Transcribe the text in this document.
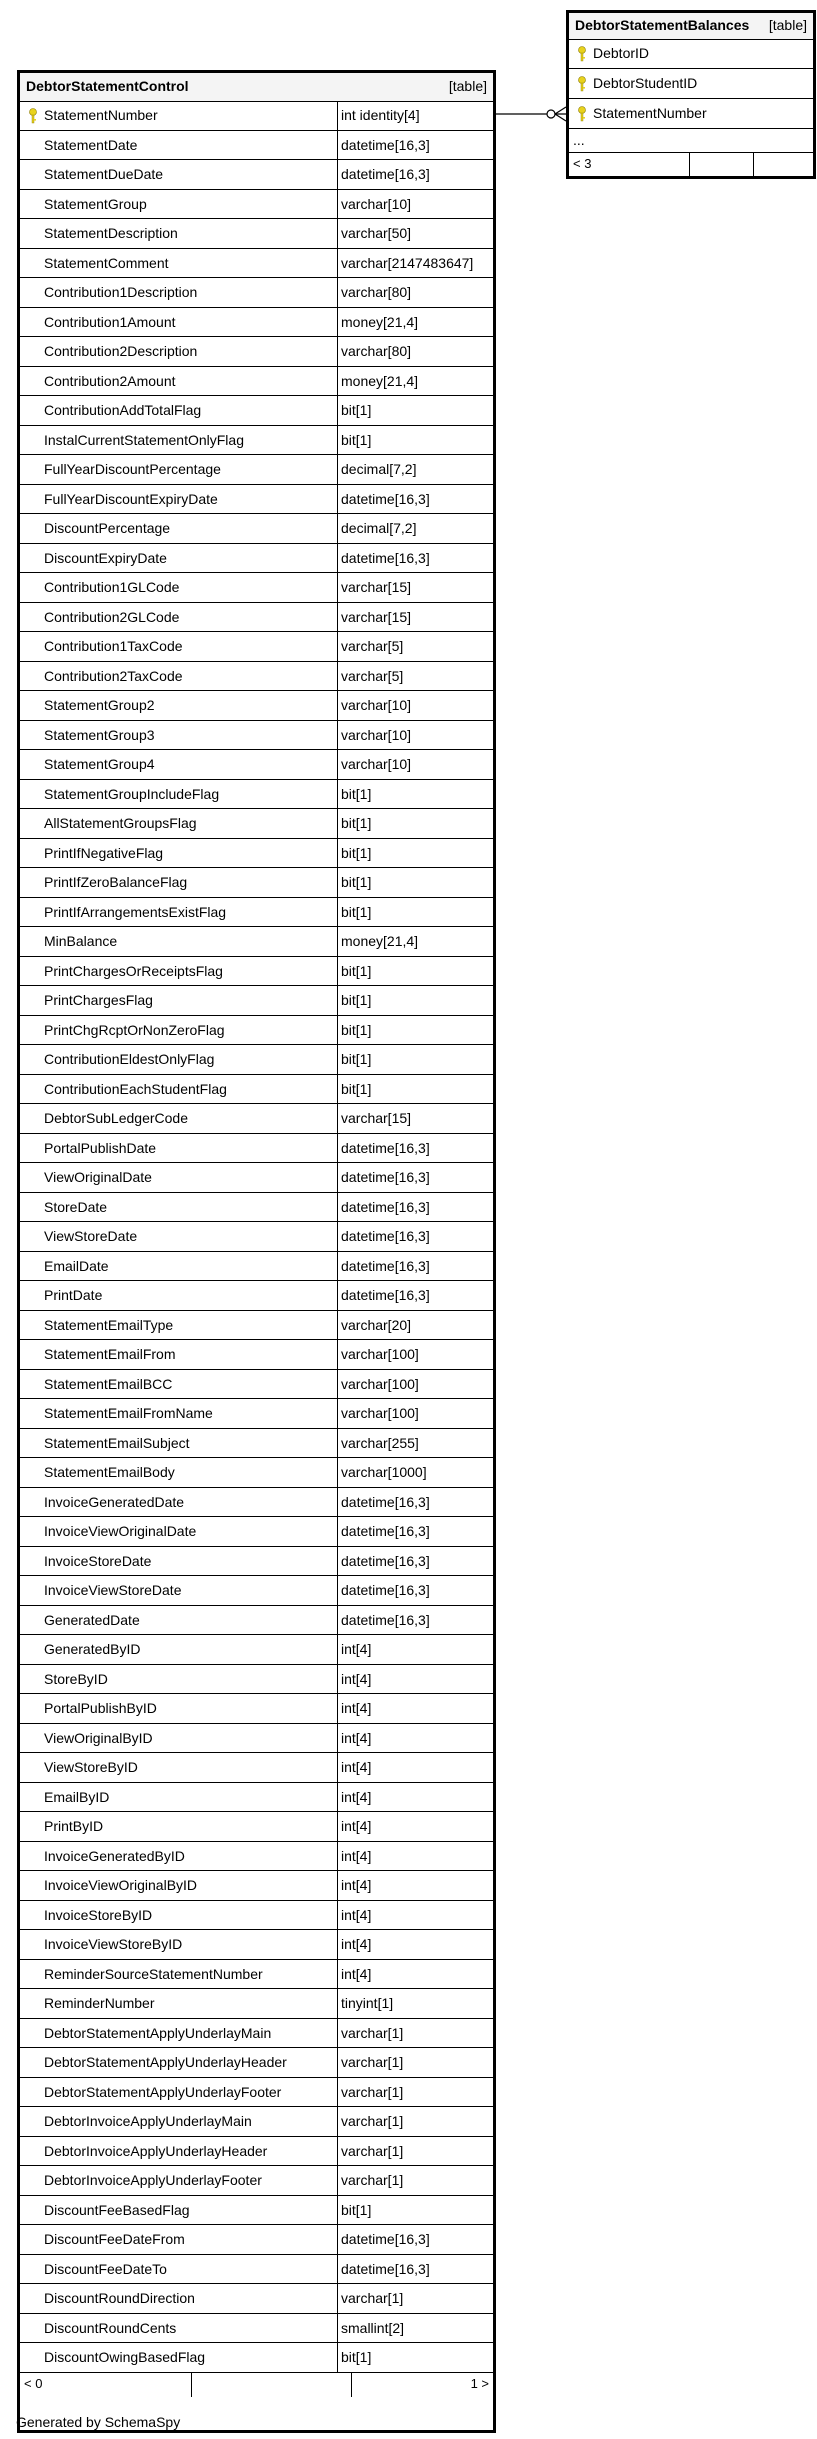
DebtorStatementControl	[table]
StatementNumber	int identity[4]
StatementDate	datetime[16,3]
StatementDueDate	datetime[16,3]
StatementGroup	varchar[10]
StatementDescription	varchar[50]
StatementComment	varchar[2147483647]
Contribution1Description	varchar[80]
Contribution1Amount	money[21,4]
Contribution2Description	varchar[80]
Contribution2Amount	money[21,4]
ContributionAddTotalFlag	bit[1]
InstalCurrentStatementOnlyFlag	bit[1]
FullYearDiscountPercentage	decimal[7,2]
FullYearDiscountExpiryDate	datetime[16,3]
DiscountPercentage	decimal[7,2]
DiscountExpiryDate	datetime[16,3]
Contribution1GLCode	varchar[15]
Contribution2GLCode	varchar[15]
Contribution1TaxCode	varchar[5]
Contribution2TaxCode	varchar[5]
StatementGroup2	varchar[10]
StatementGroup3	varchar[10]
StatementGroup4	varchar[10]
StatementGroupIncludeFlag	bit[1]
AllStatementGroupsFlag	bit[1]
PrintIfNegativeFlag	bit[1]
PrintIfZeroBalanceFlag	bit[1]
PrintIfArrangementsExistFlag	bit[1]
MinBalance	money[21,4]
PrintChargesOrReceiptsFlag	bit[1]
PrintChargesFlag	bit[1]
PrintChgRcptOrNonZeroFlag	bit[1]
ContributionEldestOnlyFlag	bit[1]
ContributionEachStudentFlag	bit[1]
DebtorSubLedgerCode	varchar[15]
PortalPublishDate	datetime[16,3]
ViewOriginalDate	datetime[16,3]
StoreDate	datetime[16,3]
ViewStoreDate	datetime[16,3]
EmailDate	datetime[16,3]
PrintDate	datetime[16,3]
StatementEmailType	varchar[20]
StatementEmailFrom	varchar[100]
StatementEmailBCC	varchar[100]
StatementEmailFromName	varchar[100]
StatementEmailSubject	varchar[255]
StatementEmailBody	varchar[1000]
InvoiceGeneratedDate	datetime[16,3]
InvoiceViewOriginalDate	datetime[16,3]
InvoiceStoreDate	datetime[16,3]
InvoiceViewStoreDate	datetime[16,3]
GeneratedDate	datetime[16,3]
GeneratedByID	int[4]
StoreByID	int[4]
PortalPublishByID	int[4]
ViewOriginalByID	int[4]
ViewStoreByID	int[4]
EmailByID	int[4]
PrintByID	int[4]
InvoiceGeneratedByID	int[4]
InvoiceViewOriginalByID	int[4]
InvoiceStoreByID	int[4]
InvoiceViewStoreByID	int[4]
ReminderSourceStatementNumber	int[4]
ReminderNumber	tinyint[1]
DebtorStatementApplyUnderlayMain	varchar[1]
DebtorStatementApplyUnderlayHeader	varchar[1]
DebtorStatementApplyUnderlayFooter	varchar[1]
DebtorInvoiceApplyUnderlayMain	varchar[1]
DebtorInvoiceApplyUnderlayHeader	varchar[1]
DebtorInvoiceApplyUnderlayFooter	varchar[1]
DiscountFeeBasedFlag	bit[1]
DiscountFeeDateFrom	datetime[16,3]
DiscountFeeDateTo	datetime[16,3]
DiscountRoundDirection	varchar[1]
DiscountRoundCents	smallint[2]
DiscountOwingBasedFlag	bit[1]
< 0	1 >
DebtorStatementBalances [table]
DebtorID
DebtorStudentID
StatementNumber
...
< 3
Generated by SchemaSpy
